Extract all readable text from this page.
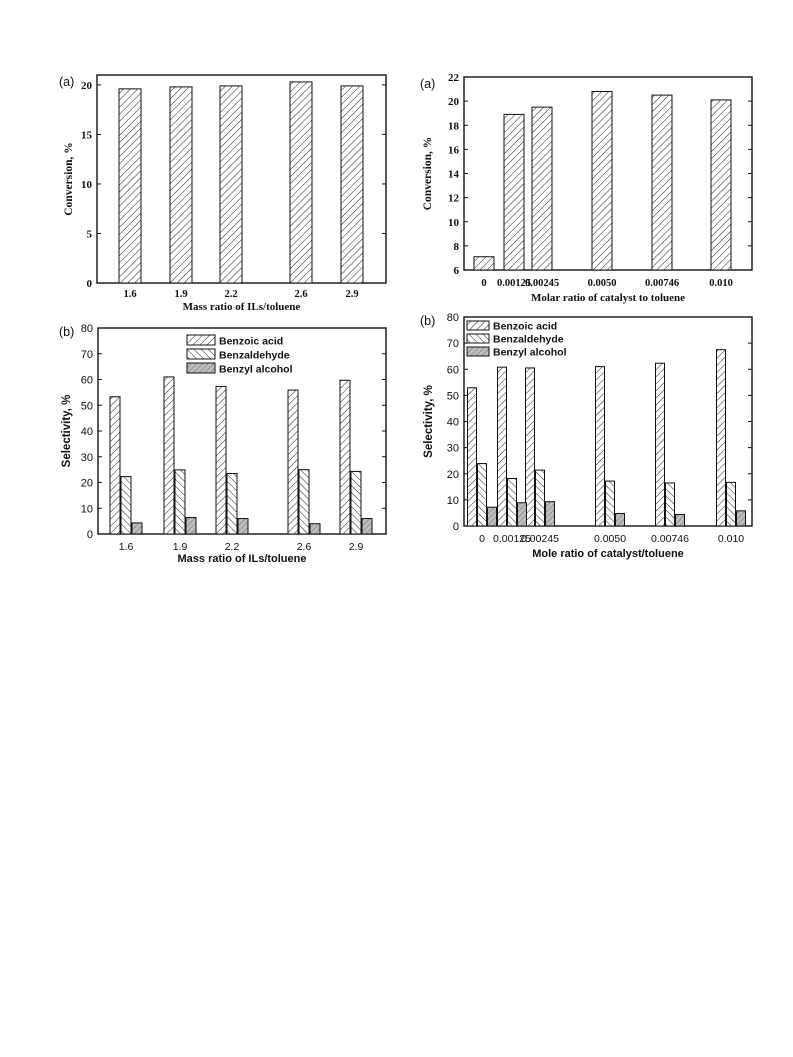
0
5
10
15
20
1.6	1.9	2.2	2.6	2.9
(a)
Conversion, %
Mass ratio of ILs/toluene
6
8
10
12
14
16
18
20
22
0 0.00125
0.00245	0.0050	0.00746	0.010
(a)
Conversion, %
Molar ratio of catalyst to toluene
0
10
20
30
40
50
60
70
80
1.6	1.9	2.2	2.6	2.9
Benzoic acid
Benzaldehyde
Benzyl alcohol
(b)
Selectivity, %
Mass ratio of ILs/toluene
0
10
20
30
40
50
60
70
80
0 0.00125
0.00245	0.0050 0.00746	0.010
Benzoic acid
Benzaldehyde
Benzyl alcohol
(b)
Selectivity, %
Mole ratio of catalyst/toluene
